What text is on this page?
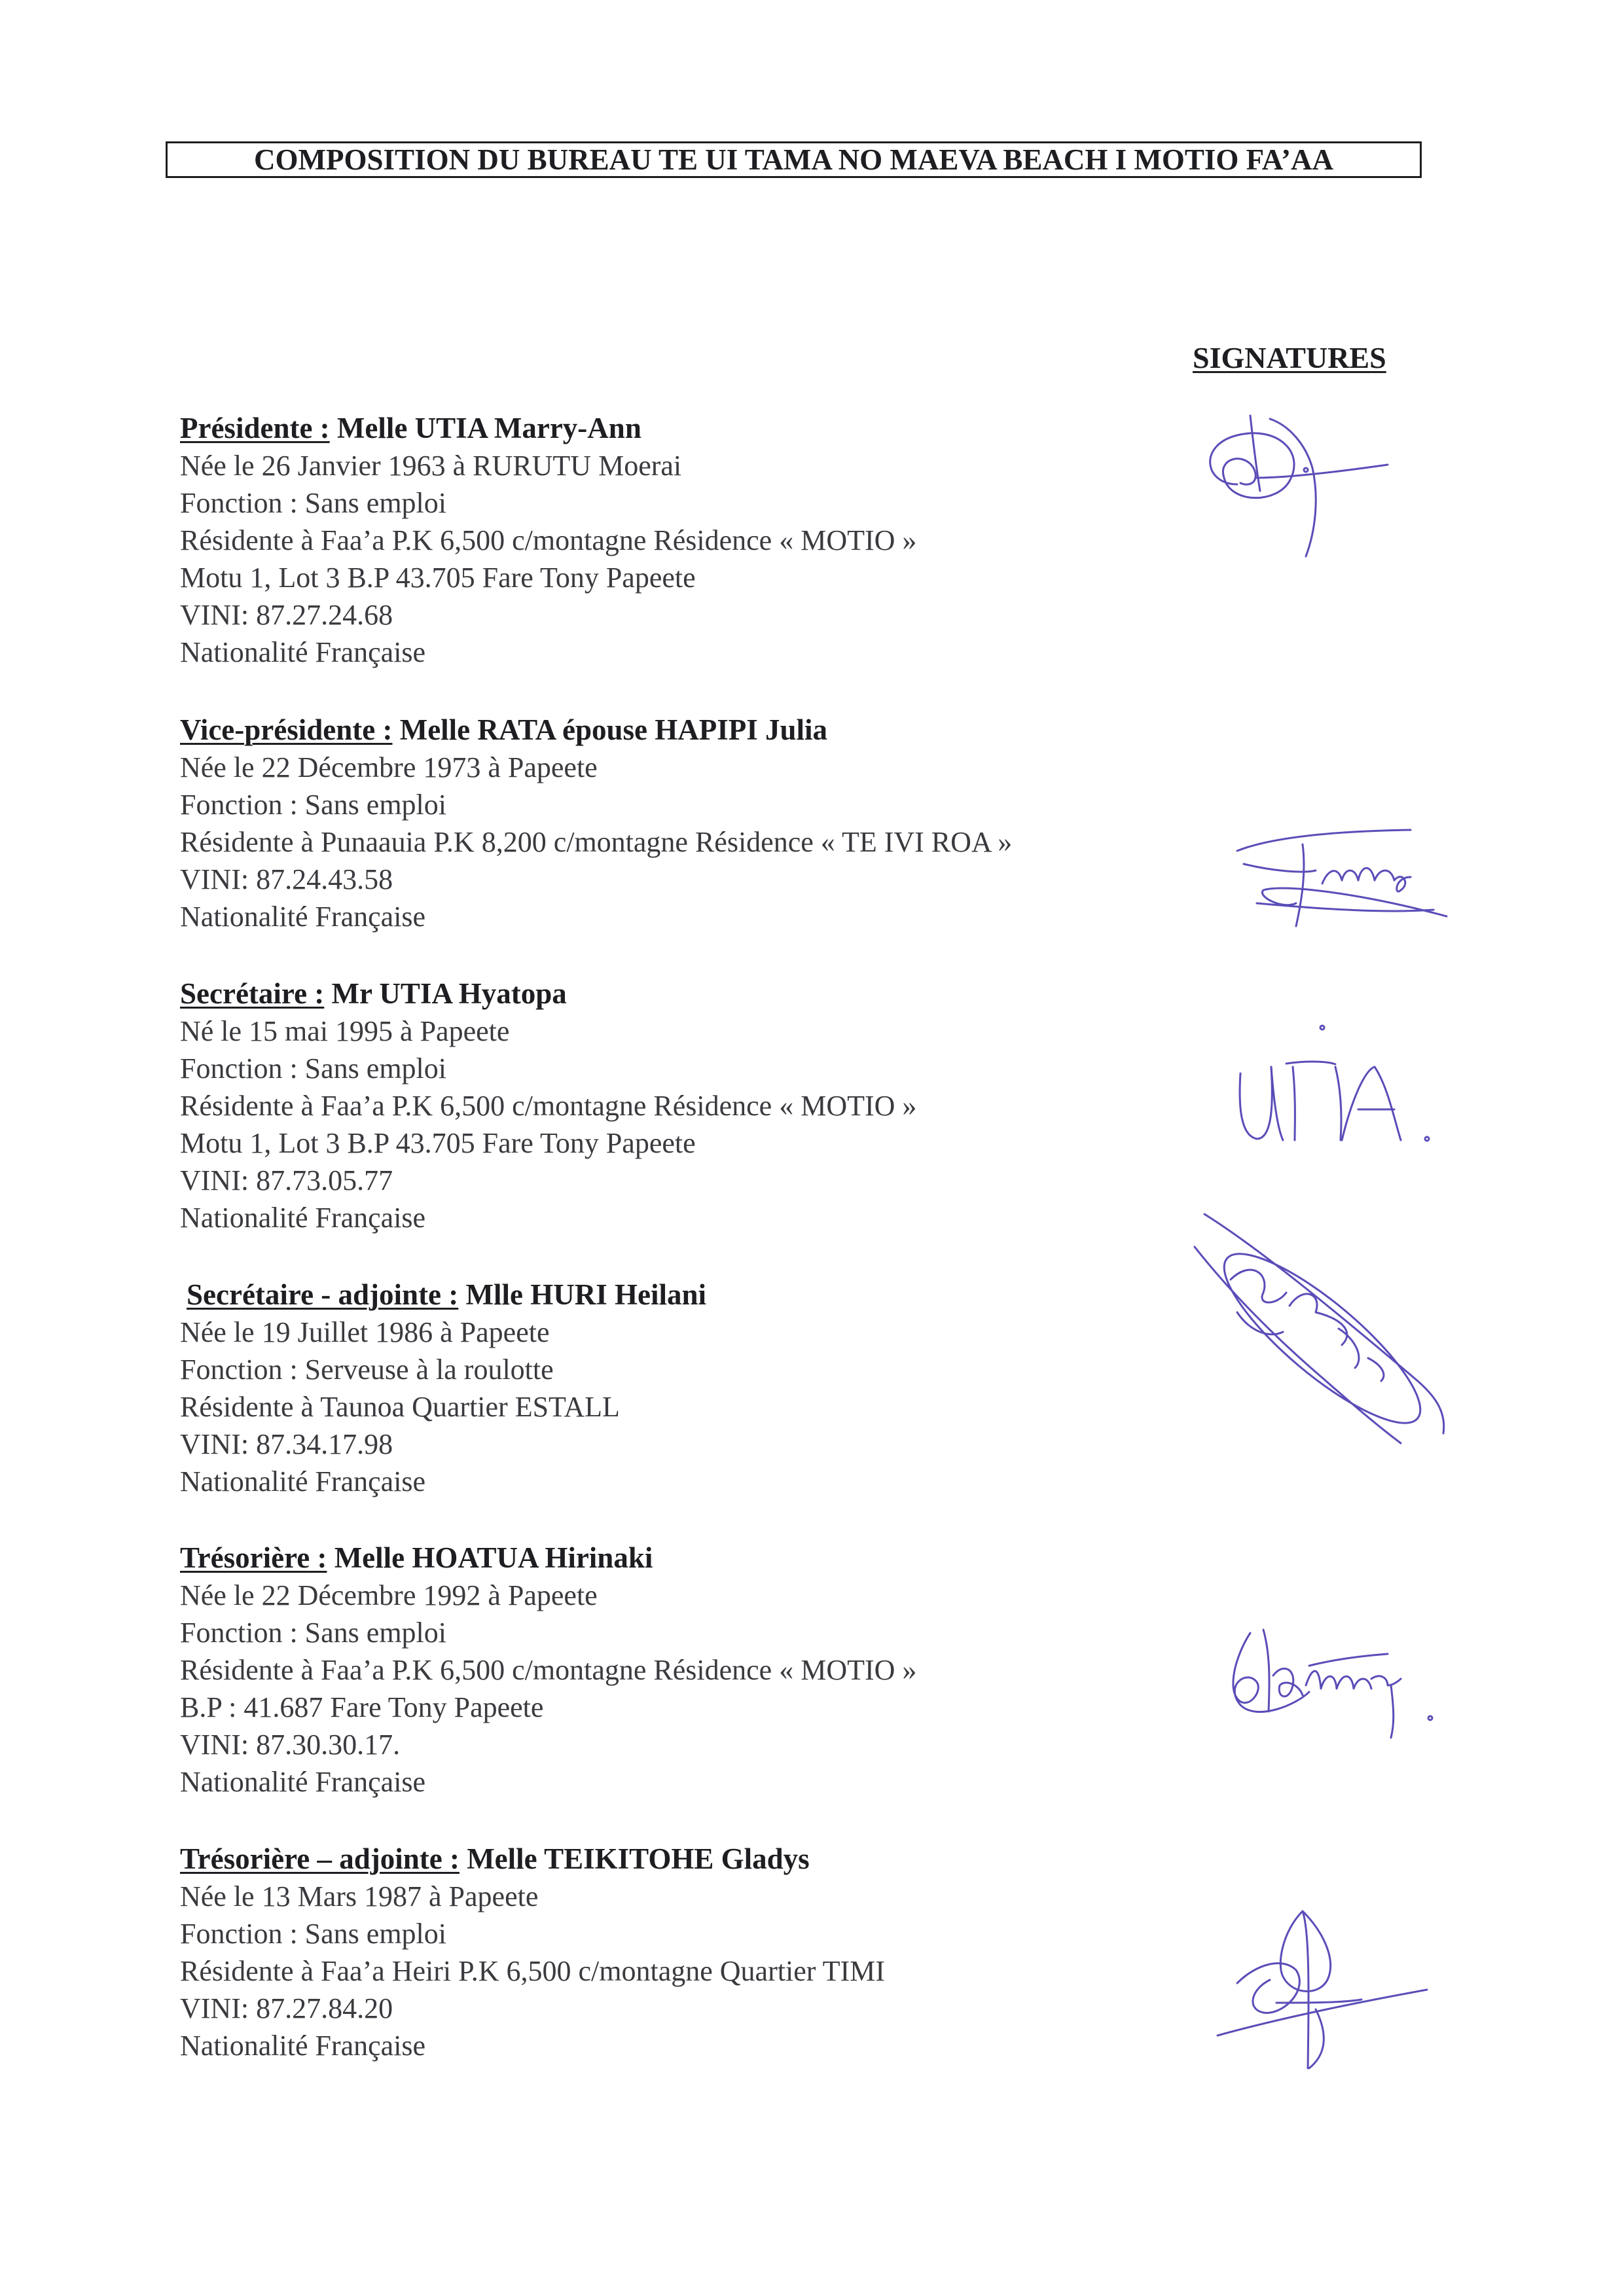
COMPOSITION DU BUREAU TE UI TAMA NO MAEVA BEACH I MOTIO FA’AA
SIGNATURES
Présidente : Melle UTIA Marry-Ann
Née le 26 Janvier 1963 à RURUTU Moerai
Fonction : Sans emploi
Résidente à Faa’a P.K 6,500 c/montagne Résidence « MOTIO »
Motu 1, Lot 3 B.P 43.705 Fare Tony Papeete
VINI: 87.27.24.68
Nationalité Française
Vice-présidente : Melle RATA épouse HAPIPI Julia
Née le 22 Décembre 1973 à Papeete
Fonction : Sans emploi
Résidente à Punaauia P.K 8,200 c/montagne Résidence « TE IVI ROA »
VINI: 87.24.43.58
Nationalité Française
Secrétaire : Mr UTIA Hyatopa
Né le 15 mai 1995 à Papeete
Fonction : Sans emploi
Résidente à Faa’a P.K 6,500 c/montagne Résidence « MOTIO »
Motu 1, Lot 3 B.P 43.705 Fare Tony Papeete
VINI: 87.73.05.77
Nationalité Française
Secrétaire - adjointe : Mlle HURI Heilani
Née le 19 Juillet 1986 à Papeete
Fonction : Serveuse à la roulotte
Résidente à Taunoa Quartier ESTALL
VINI: 87.34.17.98
Nationalité Française
Trésorière : Melle HOATUA Hirinaki
Née le 22 Décembre 1992 à Papeete
Fonction : Sans emploi
Résidente à Faa’a P.K 6,500 c/montagne Résidence « MOTIO »
B.P : 41.687 Fare Tony Papeete
VINI: 87.30.30.17.
Nationalité Française
Trésorière – adjointe : Melle TEIKITOHE Gladys
Née le 13 Mars 1987 à Papeete
Fonction : Sans emploi
Résidente à Faa’a Heiri P.K 6,500 c/montagne Quartier TIMI
VINI: 87.27.84.20
Nationalité Française
